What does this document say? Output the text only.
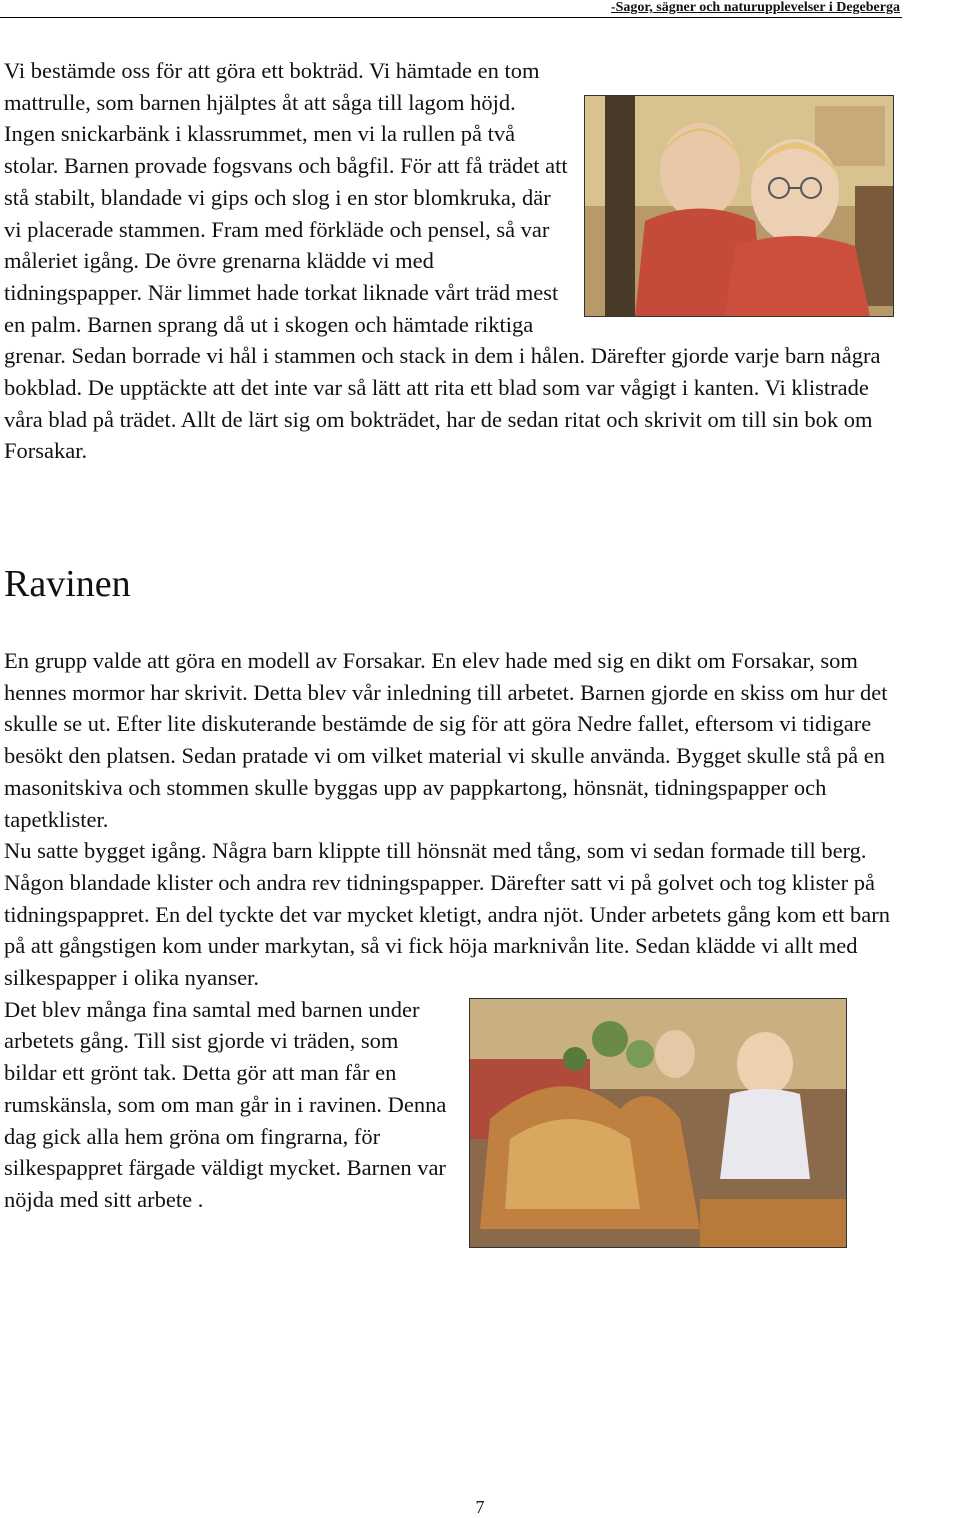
-Sagor, sägner och naturupplevelser i Degeberga
Vi bestämde oss för att göra ett bokträd. Vi hämtade en tom mattrulle, som barnen hjälptes åt att såga till lagom höjd. Ingen snickarbänk i klassrummet, men vi la rullen på två stolar. Barnen provade fogsvans och bågfil. För att få trädet att stå stabilt, blandade vi gips och slog i en stor blomkruka, där vi placerade stammen. Fram med förkläde och pensel, så var måleriet igång. De övre grenarna klädde vi med tidningspapper. När limmet hade torkat liknade vårt träd mest en palm. Barnen sprang då ut i skogen och hämtade riktiga grenar. Sedan borrade vi hål i stammen och stack in dem i hålen. Därefter gjorde varje barn några bokblad. De upptäckte att det inte var så lätt att rita ett blad som var vågigt i kanten. Vi klistrade våra blad på trädet. Allt de lärt sig om bokträdet, har de sedan ritat och skrivit om till sin bok om Forsakar.
Ravinen
En grupp valde att göra en modell av Forsakar. En elev hade med sig en dikt om Forsakar, som hennes mormor har skrivit. Detta blev vår inledning till arbetet. Barnen gjorde en skiss om hur det skulle se ut. Efter lite diskuterande bestämde de sig för att göra Nedre fallet, eftersom vi tidigare besökt den platsen. Sedan pratade vi om vilket material vi skulle använda. Bygget skulle stå på en masonitskiva och stommen skulle byggas upp av pappkartong, hönsnät, tidningspapper och tapetklister.
Nu satte bygget igång. Några barn klippte till hönsnät med tång, som vi sedan formade till berg. Någon blandade klister och andra rev tidningspapper. Därefter satt vi på golvet och tog klister på tidningspappret. En del tyckte det var mycket kletigt, andra njöt. Under arbetets gång kom ett barn på att gångstigen kom under markytan, så vi fick höja marknivån lite. Sedan klädde vi allt med silkespapper i olika nyanser.
Det blev många fina samtal med barnen under arbetets gång. Till sist gjorde vi träden, som bildar ett grönt tak. Detta gör att man får en rumskänsla, som om man går in i ravinen. Denna dag gick alla hem gröna om fingrarna, för silkespappret färgade väldigt mycket. Barnen var nöjda med sitt arbete .
7
